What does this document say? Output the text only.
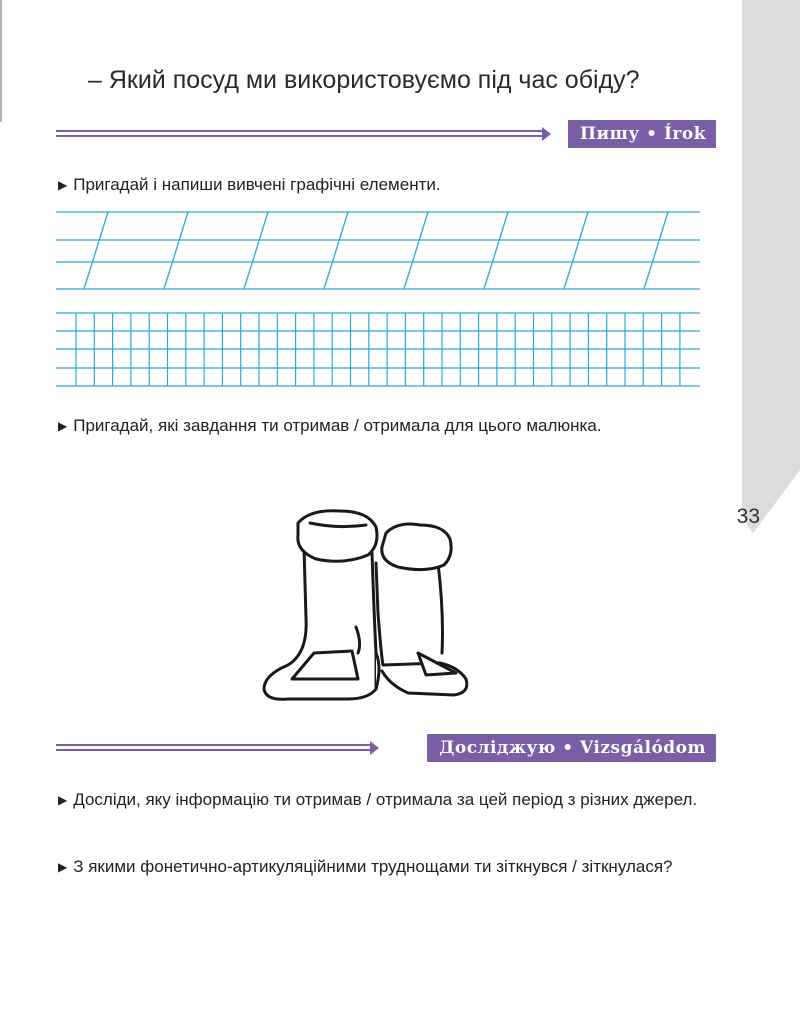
33
– Який посуд ми використовуємо під час обіду?
Пишу • Írok
▶ Пригадай і напиши вивчені графічні елементи.
▶ Пригадай, які завдання ти отримав / отримала для цього малюнка.
Досліджую • Vizsgálódom
▶ Досліди, яку інформацію ти отримав / отримала за цей період з різних джерел.
▶ З якими фонетично-артикуляційними труднощами ти зіткнувся / зіткнулася?
